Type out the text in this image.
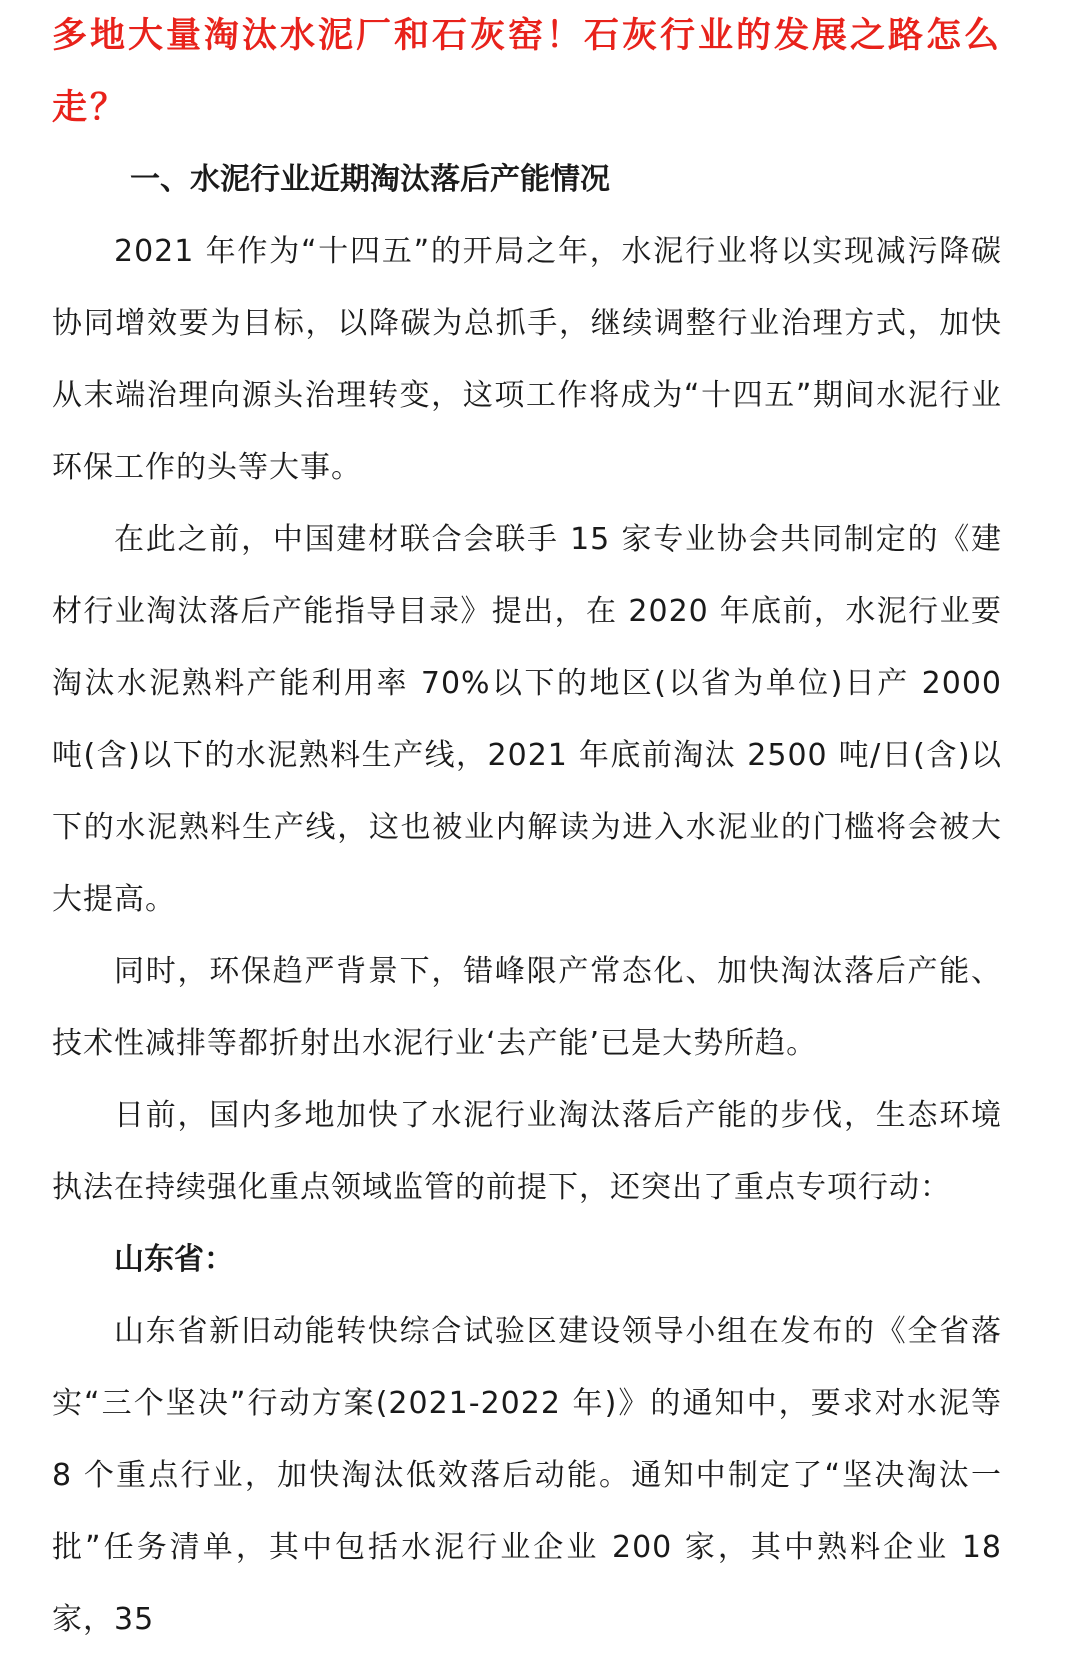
多地大量淘汰水泥厂和石灰窑！石灰行业的发展之路怎么走？

一、水泥行业近期淘汰落后产能情况

2021 年作为“十四五”的开局之年，水泥行业将以实现减污降碳协同增效要为目标，以降碳为总抓手，继续调整行业治理方式，加快从末端治理向源头治理转变，这项工作将成为“十四五”期间水泥行业环保工作的头等大事。

在此之前，中国建材联合会联手 15 家专业协会共同制定的《建材行业淘汰落后产能指导目录》提出，在 2020 年底前，水泥行业要淘汰水泥熟料产能利用率 70%以下的地区(以省为单位)日产 2000 吨(含)以下的水泥熟料生产线，2021 年底前淘汰 2500 吨/日(含)以下的水泥熟料生产线，这也被业内解读为进入水泥业的门槛将会被大大提高。

同时，环保趋严背景下，错峰限产常态化、加快淘汰落后产能、技术性减排等都折射出水泥行业‘去产能’已是大势所趋。

日前，国内多地加快了水泥行业淘汰落后产能的步伐，生态环境执法在持续强化重点领域监管的前提下，还突出了重点专项行动：

山东省：

山东省新旧动能转快综合试验区建设领导小组在发布的《全省落实“三个坚决”行动方案(2021-2022 年)》的通知中，要求对水泥等 8 个重点行业，加快淘汰低效落后动能。通知中制定了“坚决淘汰一批”任务清单，其中包括水泥行业企业 200 家，其中熟料企业 18 家，35
